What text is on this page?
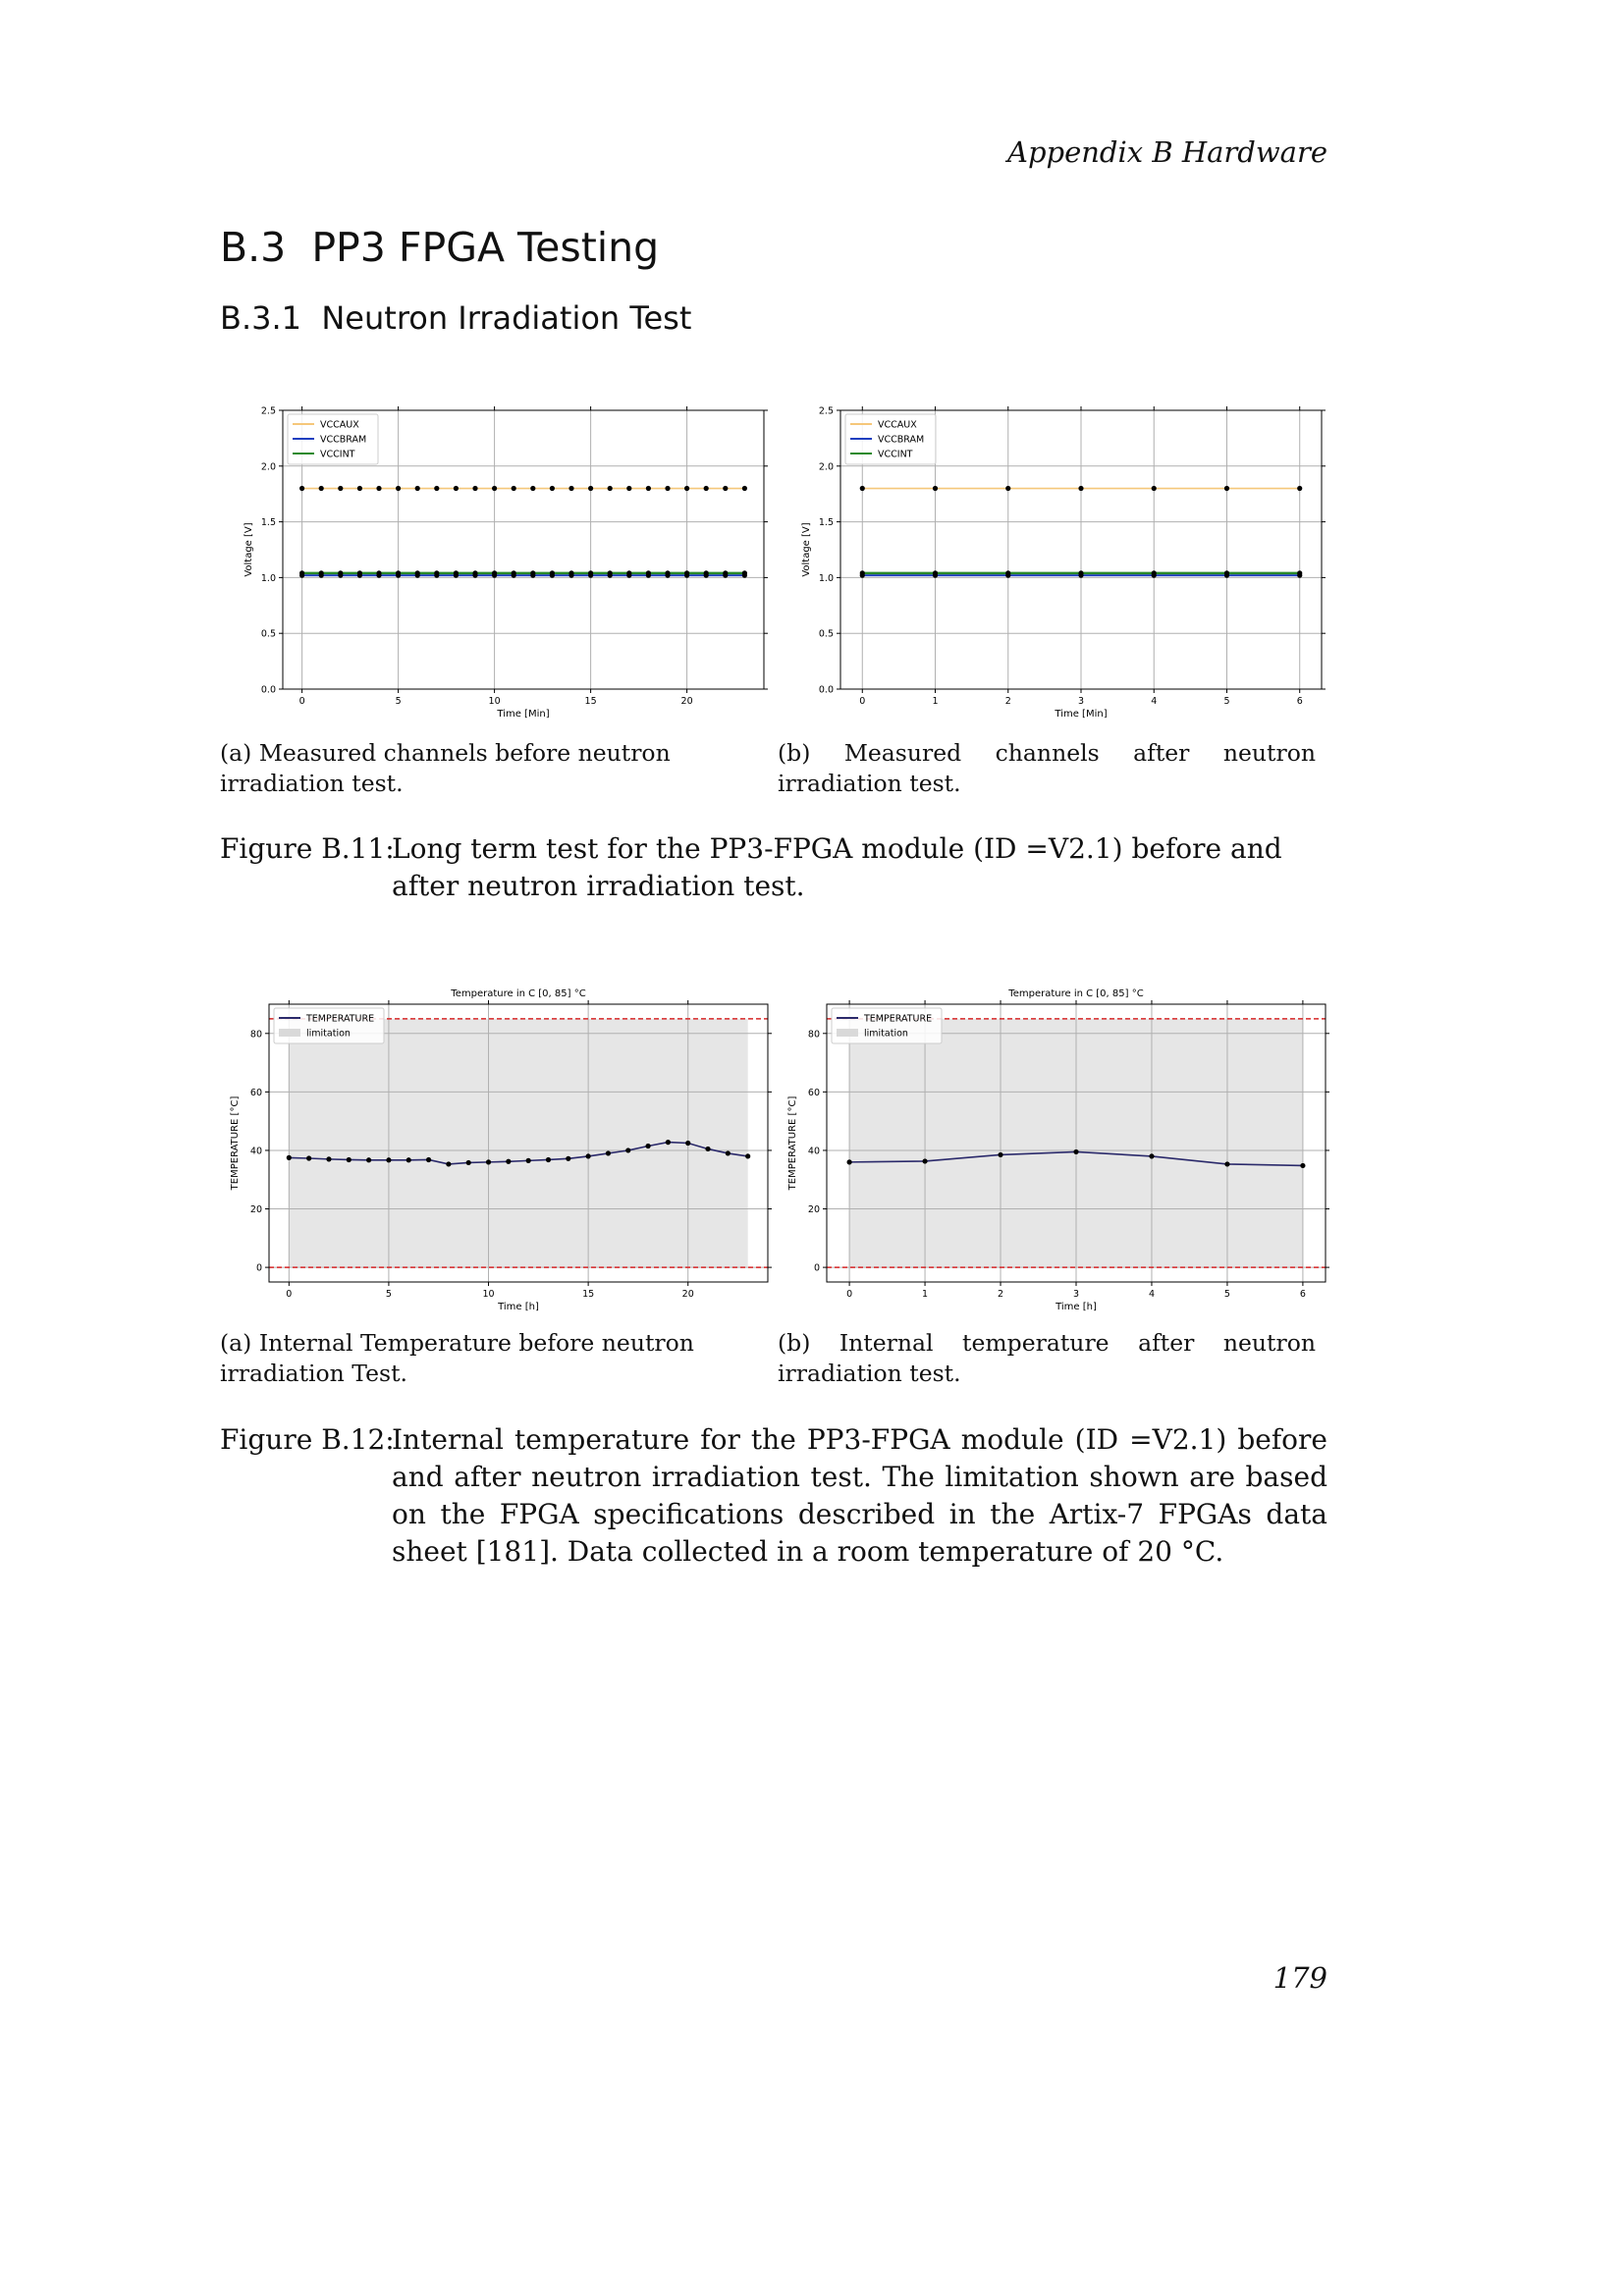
Appendix B Hardware
B.3 PP3 FPGA Testing
B.3.1 Neutron Irradiation Test
0	5	10	15	20
0.0
0.5
1.0
1.5
2.0
2.5
Time [Min]
Voltage [V]
VCCAUX
VCCBRAM
VCCINT
0	1	2	3	4	5	6
0.0
0.5
1.0
1.5
2.0
2.5
Time [Min]
Voltage [V]
VCCAUX
VCCBRAM
VCCINT
(a) Measured channels before neutron irradiation test.
(b) Measured channels after neutron irradiation test.
Figure B.11:
Long term test for the PP3-FPGA module (ID =V2.1) before and after neutron irradiation test.
0	5	10	15	20
0
20
40
60
80
Time [h]
TEMPERATURE [°C]
Temperature in C [0, 85] °C
TEMPERATURE
limitation
0	1	2	3	4	5	6
0
20
40
60
80
Time [h]
TEMPERATURE [°C]
Temperature in C [0, 85] °C
TEMPERATURE
limitation
(a) Internal Temperature before neutron irradiation Test.
(b) Internal temperature after neutron irradiation test.
Figure B.12:
Internal temperature for the PP3-FPGA module (ID =V2.1) before and after neutron irradiation test. The limitation shown are based on the FPGA specifications described in the Artix-7 FPGAs data sheet [181]. Data collected in a room temperature of 20 °C.
179
